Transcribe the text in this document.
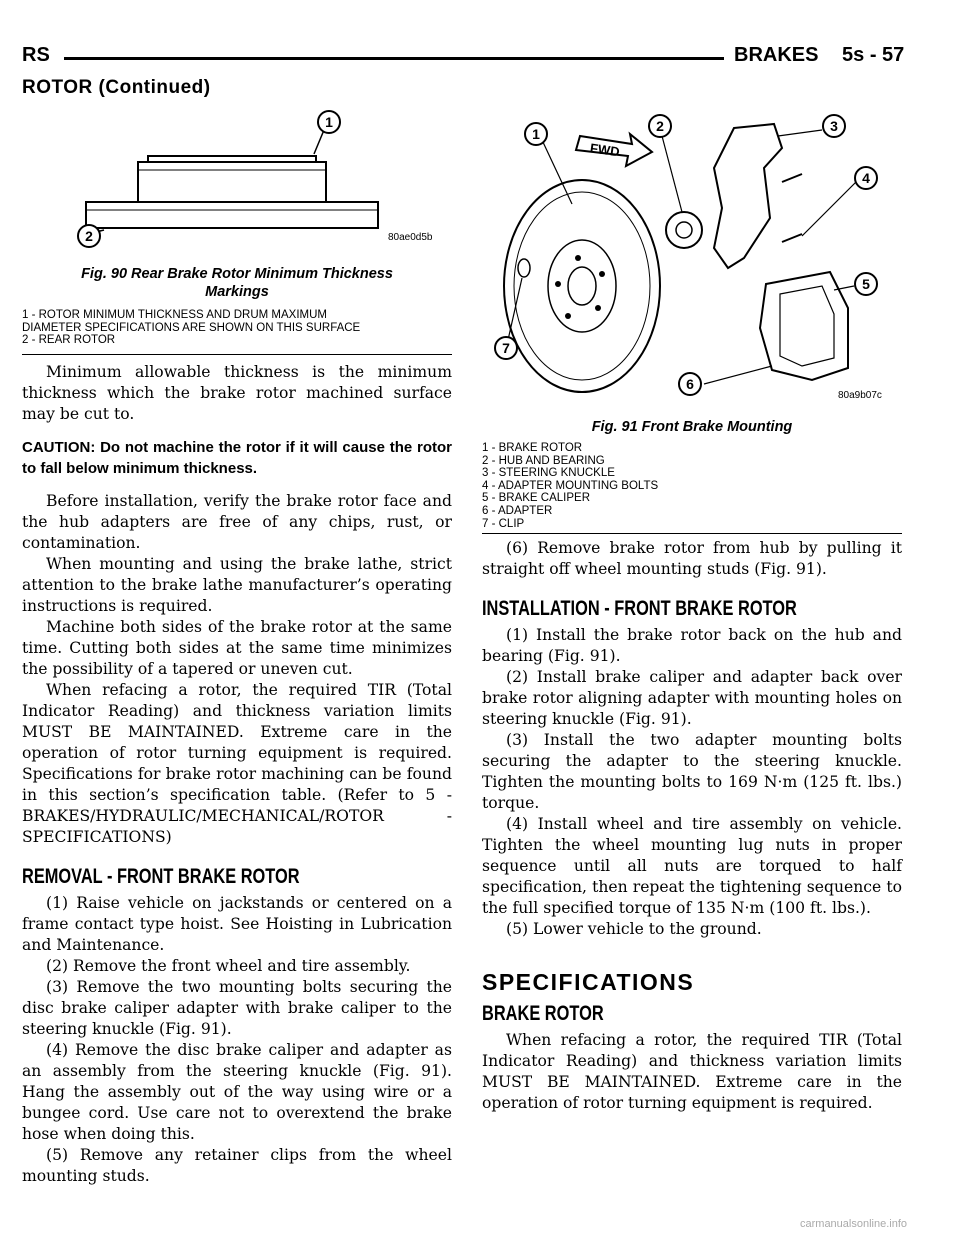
RS	BRAKES 5s - 57
ROTOR (Continued)
1
2	80ae0d5b
Fig. 90 Rear Brake Rotor Minimum Thickness
Markings
1 - ROTOR MINIMUM THICKNESS AND DRUM MAXIMUM
DIAMETER SPECIFICATIONS ARE SHOWN ON THIS SURFACE
2 - REAR ROTOR

Minimum allowable thickness is the minimum thickness which the brake rotor machined surface may be cut to.

CAUTION: Do not machine the rotor if it will cause the rotor to fall below minimum thickness.

Before installation, verify the brake rotor face and the hub adapters are free of any chips, rust, or contamination.

When mounting and using the brake lathe, strict attention to the brake lathe manufacturer’s operating instructions is required.

Machine both sides of the brake rotor at the same time. Cutting both sides at the same time minimizes the possibility of a tapered or uneven cut.

When refacing a rotor, the required TIR (Total Indicator Reading) and thickness variation limits MUST BE MAINTAINED. Extreme care in the operation of rotor turning equipment is required. Specifications for brake rotor machining can be found in this section’s specification table. (Refer to 5 - BRAKES/HYDRAULIC/MECHANICAL/ROTOR - SPECIFICATIONS)

REMOVAL - FRONT BRAKE ROTOR

(1) Raise vehicle on jackstands or centered on a frame contact type hoist. See Hoisting in Lubrication and Maintenance.

(2) Remove the front wheel and tire assembly.

(3) Remove the two mounting bolts securing the disc brake caliper adapter with brake caliper to the steering knuckle (Fig. 91).

(4) Remove the disc brake caliper and adapter as an assembly from the steering knuckle (Fig. 91). Hang the assembly out of the way using wire or a bungee cord. Use care not to overextend the brake hose when doing this.

(5) Remove any retainer clips from the wheel mounting studs.

FWD
1	2	3
4
5
6
7
80a9b07c
Fig. 91 Front Brake Mounting
1 - BRAKE ROTOR
2 - HUB AND BEARING
3 - STEERING KNUCKLE
4 - ADAPTER MOUNTING BOLTS
5 - BRAKE CALIPER
6 - ADAPTER
7 - CLIP

(6) Remove brake rotor from hub by pulling it straight off wheel mounting studs (Fig. 91).

INSTALLATION - FRONT BRAKE ROTOR

(1) Install the brake rotor back on the hub and bearing (Fig. 91).

(2) Install brake caliper and adapter back over brake rotor aligning adapter with mounting holes on steering knuckle (Fig. 91).

(3) Install the two adapter mounting bolts securing the adapter to the steering knuckle. Tighten the mounting bolts to 169 N·m (125 ft. lbs.) torque.

(4) Install wheel and tire assembly on vehicle. Tighten the wheel mounting lug nuts in proper sequence until all nuts are torqued to half specification, then repeat the tightening sequence to the full specified torque of 135 N·m (100 ft. lbs.).

(5) Lower vehicle to the ground.

SPECIFICATIONS
BRAKE ROTOR

When refacing a rotor, the required TIR (Total Indicator Reading) and thickness variation limits MUST BE MAINTAINED. Extreme care in the operation of rotor turning equipment is required.

carmanualsonline.info
